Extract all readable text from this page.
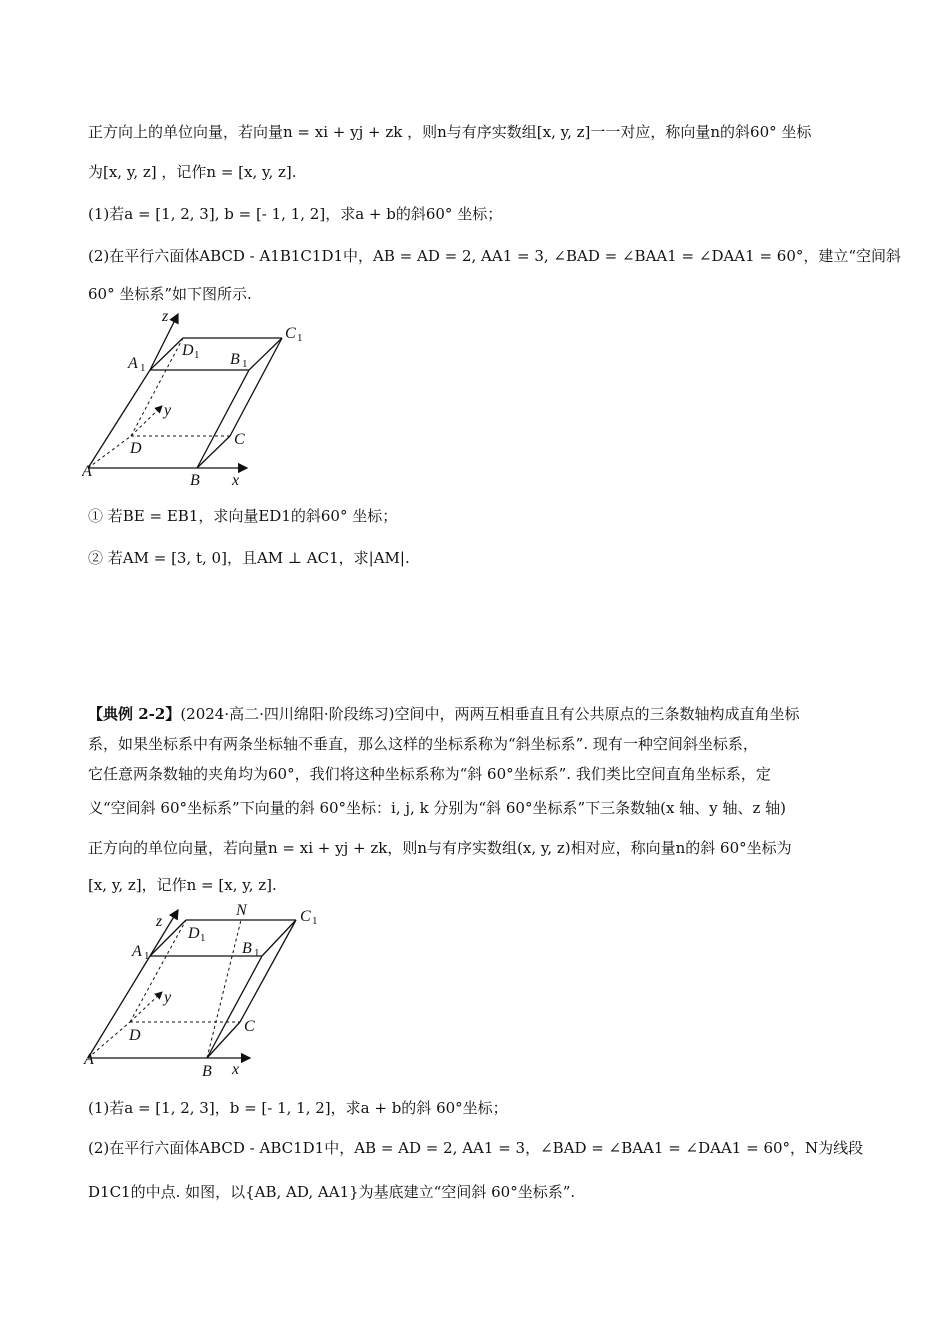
正方向上的单位向量，若向量n = xi + yj + zk ，则n与有序实数组[x, y, z]一一对应，称向量n的斜60° 坐标
为[x, y, z] ，记作n = [x, y, z].
(1)若a = [1, 2, 3], b = [- 1, 1, 2]，求a + b的斜60° 坐标；
(2)在平行六面体ABCD - A1B1C1D1中，AB = AD = 2, AA1 = 3, ∠BAD = ∠BAA1 = ∠DAA1 = 60°，建立“空间斜
60° 坐标系”如下图所示.
z
A 1
D 1 B 1
C 1
y
D
C
A
B x
① 若BE = EB1，求向量ED1的斜60° 坐标；
② 若AM = [3, t, 0]，且AM ⊥ AC1，求|AM|.
【典例 2-2】(2024·高二·四川绵阳·阶段练习)空间中，两两互相垂直且有公共原点的三条数轴构成直角坐标
系，如果坐标系中有两条坐标轴不垂直，那么这样的坐标系称为“斜坐标系”. 现有一种空间斜坐标系，
它任意两条数轴的夹角均为60°，我们将这种坐标系称为“斜 60°坐标系”. 我们类比空间直角坐标系，定
义“空间斜 60°坐标系”下向量的斜 60°坐标：i, j, k 分别为“斜 60°坐标系”下三条数轴(x 轴、y 轴、z 轴)
正方向的单位向量，若向量n = xi + yj + zk，则n与有序实数组(x, y, z)相对应，称向量n的斜 60°坐标为
[x, y, z]，记作n = [x, y, z].
z
N	C 1
A 1
D 1
B 1
y
D
C
A
B x
(1)若a = [1, 2, 3]，b = [- 1, 1, 2]，求a + b的斜 60°坐标；
(2)在平行六面体ABCD - ABC1D1中，AB = AD = 2, AA1 = 3，∠BAD = ∠BAA1 = ∠DAA1 = 60°，N为线段
D1C1的中点. 如图，以{AB, AD, AA1}为基底建立“空间斜 60°坐标系”.
